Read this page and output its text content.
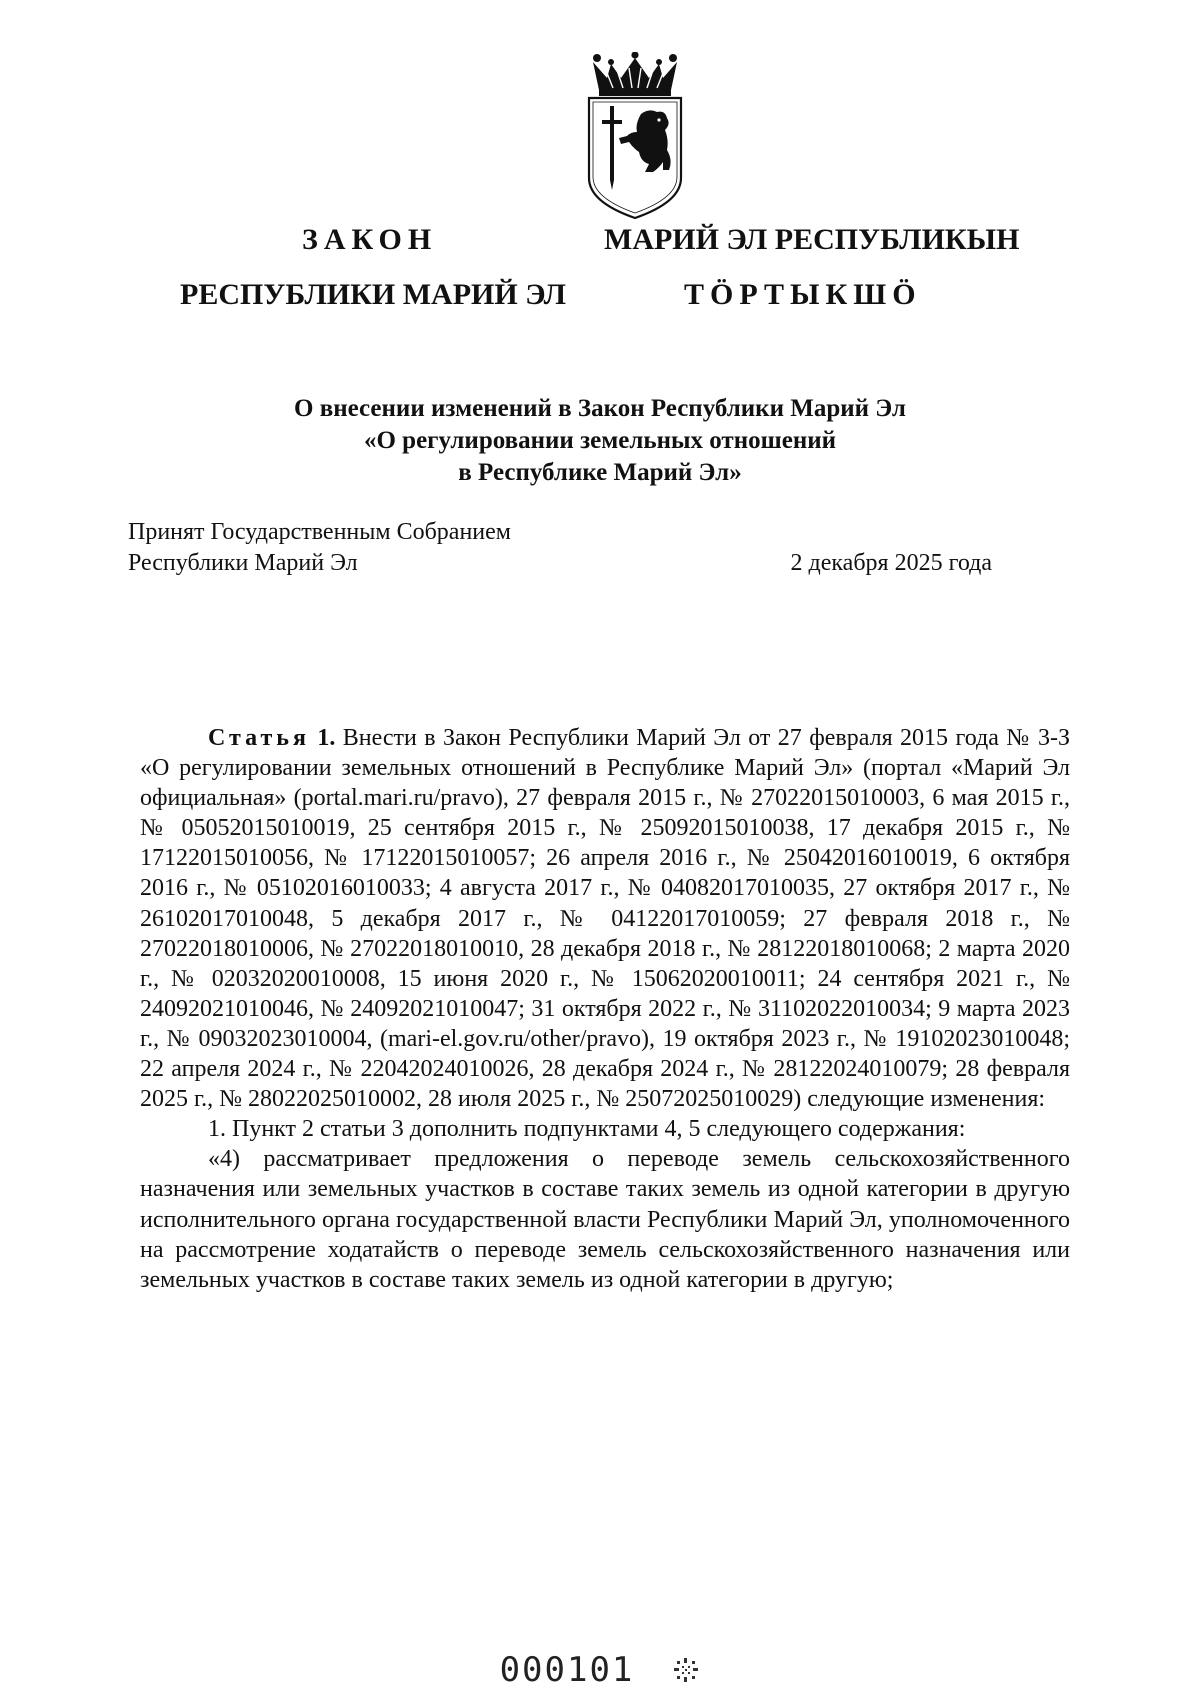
ЗАКОН
РЕСПУБЛИКИ МАРИЙ ЭЛ
МАРИЙ ЭЛ РЕСПУБЛИКЫН
ТӦРТЫКШӦ
О внесении изменений в Закон Республики Марий Эл
«О регулировании земельных отношений
в Республике Марий Эл»
Принят Государственным Собранием
Республики Марий Эл	2 декабря 2025 года

Статья 1. Внести в Закон Республики Марий Эл от 27 февраля 2015 года № 3-З «О регулировании земельных отношений в Республике Марий Эл» (портал «Марий Эл официальная» (portal.mari.ru/pravo), 27 февраля 2015 г., № 27022015010003, 6 мая 2015 г., № 05052015010019, 25 сентября 2015 г., № 25092015010038, 17 декабря 2015 г., № 17122015010056, № 17122015010057; 26 апреля 2016 г., № 25042016010019, 6 октября 2016 г., № 05102016010033; 4 августа 2017 г., № 04082017010035, 27 октября 2017 г., № 26102017010048, 5 декабря 2017 г., № 04122017010059; 27 февраля 2018 г., № 27022018010006, № 27022018010010, 28 декабря 2018 г., № 28122018010068; 2 марта 2020 г., № 02032020010008, 15 июня 2020 г., № 15062020010011; 24 сентября 2021 г., № 24092021010046, № 24092021010047; 31 октября 2022 г., № 31102022010034; 9 марта 2023 г., № 09032023010004, (mari-el.gov.ru/other/pravo), 19 октября 2023 г., № 19102023010048; 22 апреля 2024 г., № 22042024010026, 28 декабря 2024 г., № 28122024010079; 28 февраля 2025 г., № 28022025010002, 28 июля 2025 г., № 25072025010029) следующие изменения:

1. Пункт 2 статьи 3 дополнить подпунктами 4, 5 следующего содержания:

«4) рассматривает предложения о переводе земель сельскохозяйственного назначения или земельных участков в составе таких земель из одной категории в другую исполнительного органа государственной власти Республики Марий Эл, уполномоченного на рассмотрение ходатайств о переводе земель сельскохозяйственного назначения или земельных участков в составе таких земель из одной категории в другую;

000101
